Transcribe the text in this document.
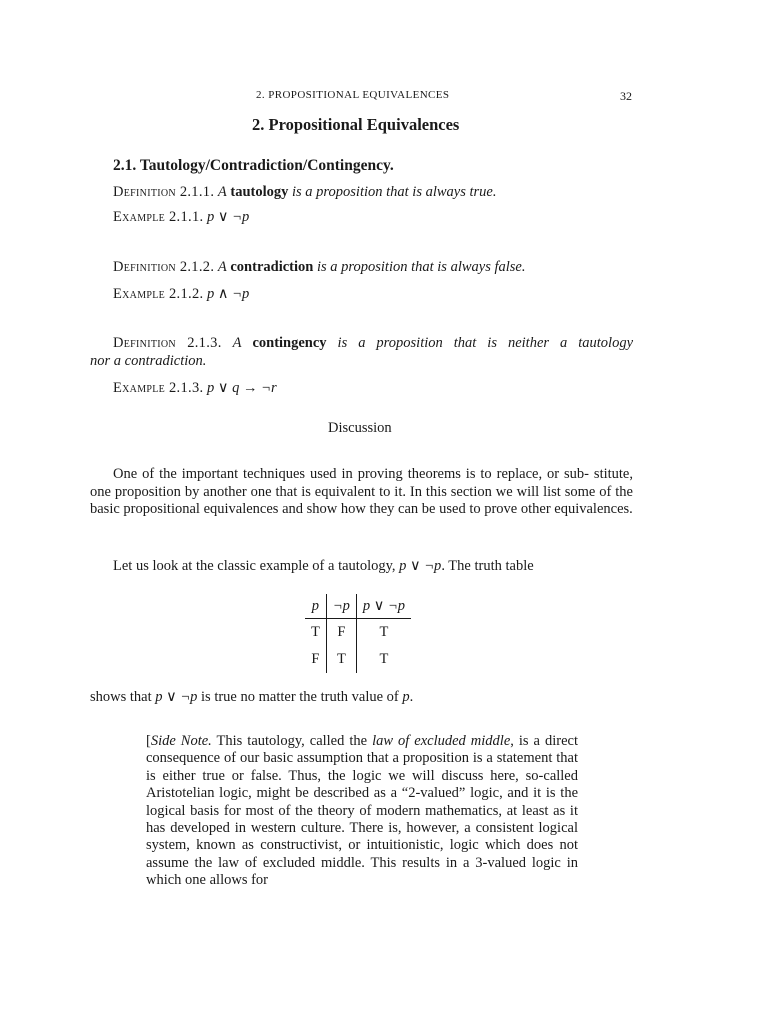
2. PROPOSITIONAL EQUIVALENCES	32
2. Propositional Equivalences
2.1. Tautology/Contradiction/Contingency.
Definition 2.1.1. A tautology is a proposition that is always true.
Example 2.1.1. p ∨ ¬p
Definition 2.1.2. A contradiction is a proposition that is always false.
Example 2.1.2. p ∧ ¬p
Definition 2.1.3. A contingency is a proposition that is neither a tautology
nor a contradiction.
Example 2.1.3. p ∨ q → ¬r
Discussion
One of the important techniques used in proving theorems is to replace, or sub- stitute, one proposition by another one that is equivalent to it. In this section we will list some of the basic propositional equivalences and show how they can be used to prove other equivalences.
Let us look at the classic example of a tautology, p ∨ ¬p. The truth table
p	¬p	p ∨ ¬p
T	F	T
F	T	T
shows that p ∨ ¬p is true no matter the truth value of p.
[Side Note. This tautology, called the law of excluded middle, is a direct consequence of our basic assumption that a proposition is a statement that is either true or false. Thus, the logic we will discuss here, so-called Aristotelian logic, might be described as a “2-valued” logic, and it is the logical basis for most of the theory of modern mathematics, at least as it has developed in western culture. There is, however, a consistent logical system, known as constructivist, or intuitionistic, logic which does not assume the law of excluded middle. This results in a 3-valued logic in which one allows for
